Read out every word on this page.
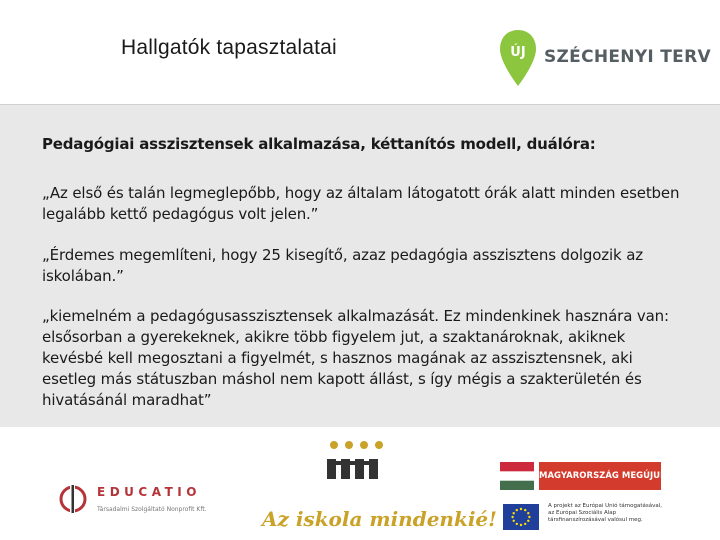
Hallgatók tapasztalatai	ÚJ SZÉCHENYI TERV
Pedagógiai asszisztensek alkalmazása, kéttanítós modell, duálóra:
„Az első és talán legmeglepőbb, hogy az általam látogatott órák alatt minden esetben legalább kettő pedagógus volt jelen.”
„Érdemes megemlíteni, hogy 25 kisegítő, azaz pedagógia asszisztens dolgozik az iskolában.”
„kiemelném a pedagógusasszisztensek alkalmazását. Ez mindenkinek hasznára van: elsősorban a gyerekeknek, akikre több figyelem jut, a szaktanároknak, akiknek kevésbé kell megosztani a figyelmét, s hasznos magának az asszisztensnek, aki esetleg más státuszban máshol nem kapott állást, s így mégis a szakterületén és hivatásánál maradhat”
EDUCATIO
Társadalmi Szolgáltató Nonprofit Kft.	Az iskola mindenkié!
MAGYARORSZÁG MEGÚJUL
A projekt az Európai Unió támogatásával, az Európai Szociális Alap társfinanszírozásával valósul meg.
